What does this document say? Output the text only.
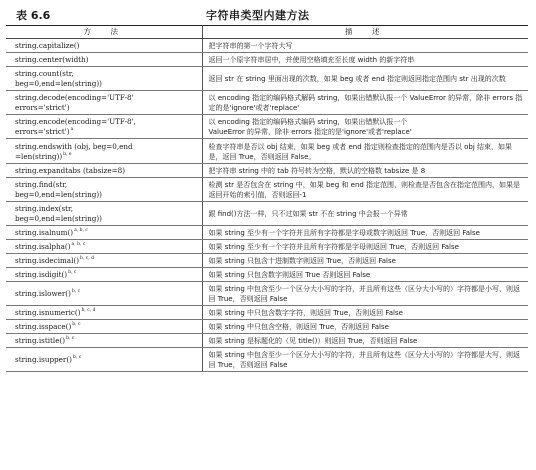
表 6.6	字符串类型内建方法
方　法	描　述
string.capitalize()	把字符串的第一个字符大写
string.center(width)	返回一个原字符串居中，并使用空格填充至长度 width 的新字符串
string.count(str,
beg=0,end=len(string))	返回 str 在 string 里面出现的次数，如果 beg 或者 end 指定则返回指定范围内 str 出现的次数
string.decode(encoding='UTF-8'
errors='strict')	以 encoding 指定的编码格式解码 string，如果出错默认报一个 ValueError 的异常，除非 errors 指定的是'ignore'或者'replace'
string.encode(encoding='UTF-8',
errors='strict')$^a$	以 encoding 指定的编码格式编码 string，如果出错默认报一个
ValueError 的异常，除非 errors 指定的是'ignore'或者'replace'
string.endswith (obj, beg=0,end
=len(string))$^{b, e}$	检查字符串是否以 obj 结束，如果 beg 或者 end 指定则检查指定的范围内是否以 obj 结束，如果是，返回 True，否则返回 False。
string.expandtabs (tabsize=8)	把字符串 string 中的 tab 符号转为空格，默认的空格数 tabsize 是 8
string.find(str,
beg=0,end=len(string))	检测 str 是否包含在 string 中，如果 beg 和 end 指定范围，则检查是否包含在指定范围内，如果是返回开始的索引值，否则返回-1
string.index(str,
beg=0,end=len(string))	跟 find()方法一样，只不过如果 str 不在 string 中会报一个异常
string.isalnum()$^{a, b, c}$	如果 string 至少有一个字符并且所有字符都是字母或数字则返回 True，否则返回 False
string.isalpha()$^{a, b, c}$	如果 string 至少有一个字符并且所有字符都是字母则返回 True，否则返回 False
string.isdecimal()$^{b, c, d}$	如果 string 只包含十进制数字则返回 True，否则返回 False
string.isdigit()$^{b, c}$	如果 string 只包含数字则返回 True 否则返回 False
string.islower()$^{b, c}$	如果 string 中包含至少一个区分大小写的字符，并且所有这些（区分大小写的）字符都是小写，则返回 True，否则返回 False
string.isnumeric()$^{b, c, d}$	如果 string 中只包含数字字符，则返回 True，否则返回 False
string.isspace()$^{b, c}$	如果 string 中只包含空格，则返回 True，否则返回 False
string.istitle()$^{b, c}$	如果 string 是标题化的（见 title()）则返回 True，否则返回 False
string.isupper()$^{b, c}$	如果 string 中包含至少一个区分大小写的字符，并且所有这些（区分大小写的）字符都是大写，则返回 True，否则返回 False
